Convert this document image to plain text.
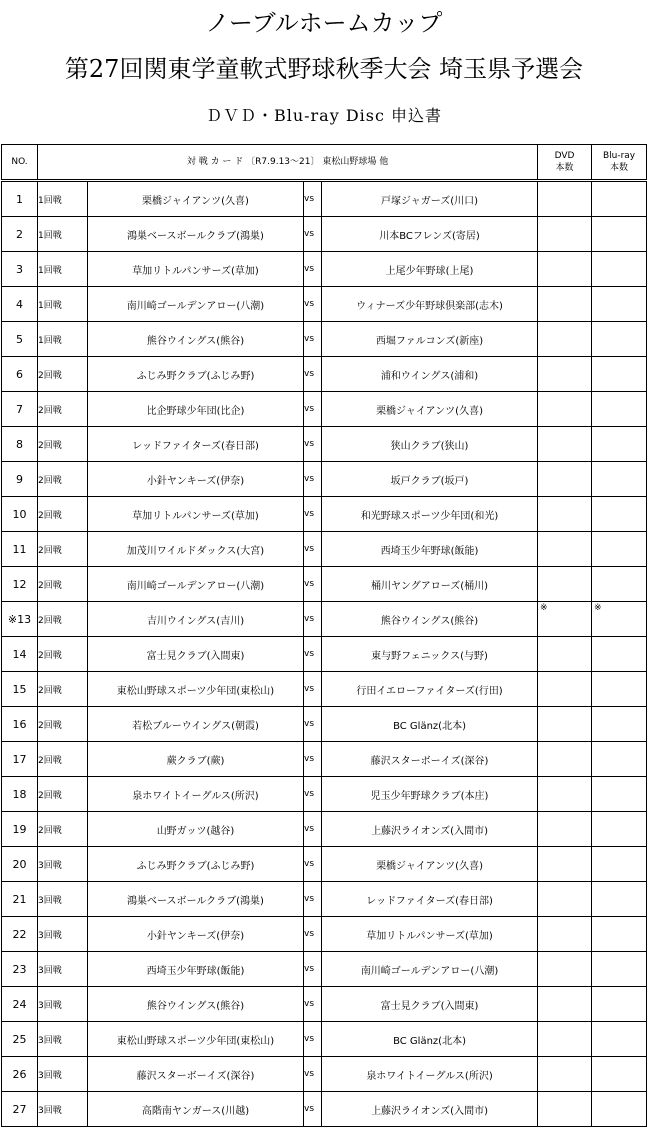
ノーブルホームカップ
第27回関東学童軟式野球秋季大会 埼玉県予選会
ＤＶＤ・Blu-ray Disc 申込書
NO.	対 戦 カ ー ド 〔R7.9.13～21〕 東松山野球場 他				DVD
本数	Blu-ray
本数

1	1回戦	栗橋ジャイアンツ(久喜)	vs	戸塚ジャガーズ(川口)	

2	1回戦	鴻巣ベースボールクラブ(鴻巣)	vs	川本BCフレンズ(寄居)	

3	1回戦	草加リトルパンサーズ(草加)	vs	上尾少年野球(上尾)	

4	1回戦	南川崎ゴールデンアロー(八潮)	vs	ウィナーズ少年野球倶楽部(志木)	

5	1回戦	熊谷ウイングス(熊谷)	vs	西堀ファルコンズ(新座)	

6	2回戦	ふじみ野クラブ(ふじみ野)	vs	浦和ウイングス(浦和)	

7	2回戦	比企野球少年団(比企)	vs	栗橋ジャイアンツ(久喜)	

8	2回戦	レッドファイターズ(春日部)	vs	狭山クラブ(狭山)	

9	2回戦	小針ヤンキーズ(伊奈)	vs	坂戸クラブ(坂戸)	

10	2回戦	草加リトルパンサーズ(草加)	vs	和光野球スポーツ少年団(和光)	

11	2回戦	加茂川ワイルドダックス(大宮)	vs	西埼玉少年野球(飯能)	

12	2回戦	南川崎ゴールデンアロー(八潮)	vs	桶川ヤングアローズ(桶川)	

※13	2回戦	吉川ウイングス(吉川)	vs	熊谷ウイングス(熊谷)	※	※

14	2回戦	富士見クラブ(入間東)	vs	東与野フェニックス(与野)	

15	2回戦	東松山野球スポーツ少年団(東松山)	vs	行田イエローファイターズ(行田)	

16	2回戦	若松ブルーウイングス(朝霞)	vs	BC Glänz(北本)	

17	2回戦	蕨クラブ(蕨)	vs	藤沢スターボーイズ(深谷)	

18	2回戦	泉ホワイトイーグルス(所沢)	vs	児玉少年野球クラブ(本庄)	

19	2回戦	山野ガッツ(越谷)	vs	上藤沢ライオンズ(入間市)	

20	3回戦	ふじみ野クラブ(ふじみ野)	vs	栗橋ジャイアンツ(久喜)	

21	3回戦	鴻巣ベースボールクラブ(鴻巣)	vs	レッドファイターズ(春日部)	

22	3回戦	小針ヤンキーズ(伊奈)	vs	草加リトルパンサーズ(草加)	

23	3回戦	西埼玉少年野球(飯能)	vs	南川崎ゴールデンアロー(八潮)	

24	3回戦	熊谷ウイングス(熊谷)	vs	富士見クラブ(入間東)	

25	3回戦	東松山野球スポーツ少年団(東松山)	vs	BC Glänz(北本)	

26	3回戦	藤沢スターボーイズ(深谷)	vs	泉ホワイトイーグルス(所沢)	

27	3回戦	高階南ヤンガース(川越)	vs	上藤沢ライオンズ(入間市)	
